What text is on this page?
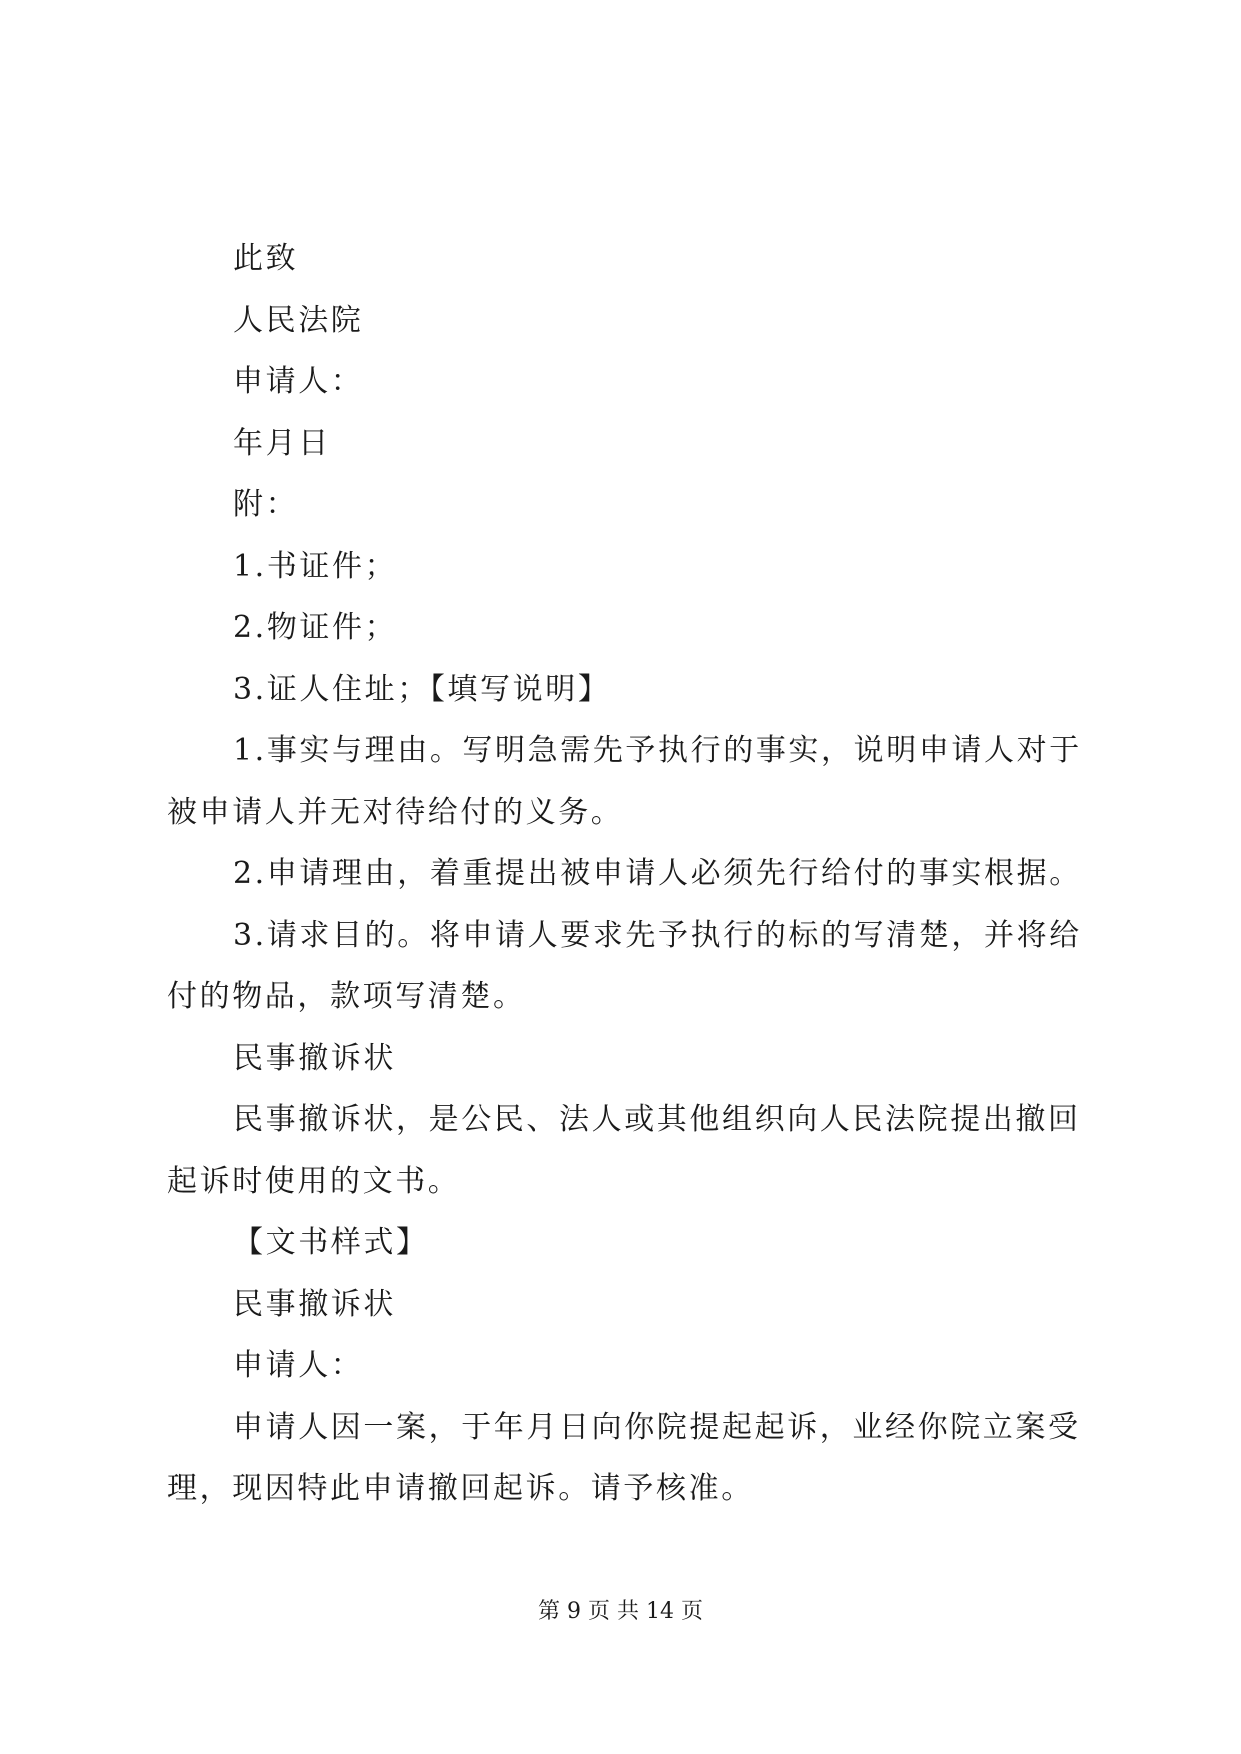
此致

人民法院

申请人：

年月日

附：

1.书证件；

2.物证件；

3.证人住址；【填写说明】

1.事实与理由。写明急需先予执行的事实，说明申请人对于被申请人并无对待给付的义务。

2.申请理由，着重提出被申请人必须先行给付的事实根据。

3.请求目的。将申请人要求先予执行的标的写清楚，并将给付的物品，款项写清楚。

民事撤诉状

民事撤诉状，是公民、法人或其他组织向人民法院提出撤回起诉时使用的文书。

【文书样式】

民事撤诉状

申请人：

申请人因一案，于年月日向你院提起起诉，业经你院立案受理，现因特此申请撤回起诉。请予核准。

第 9 页 共 14 页
